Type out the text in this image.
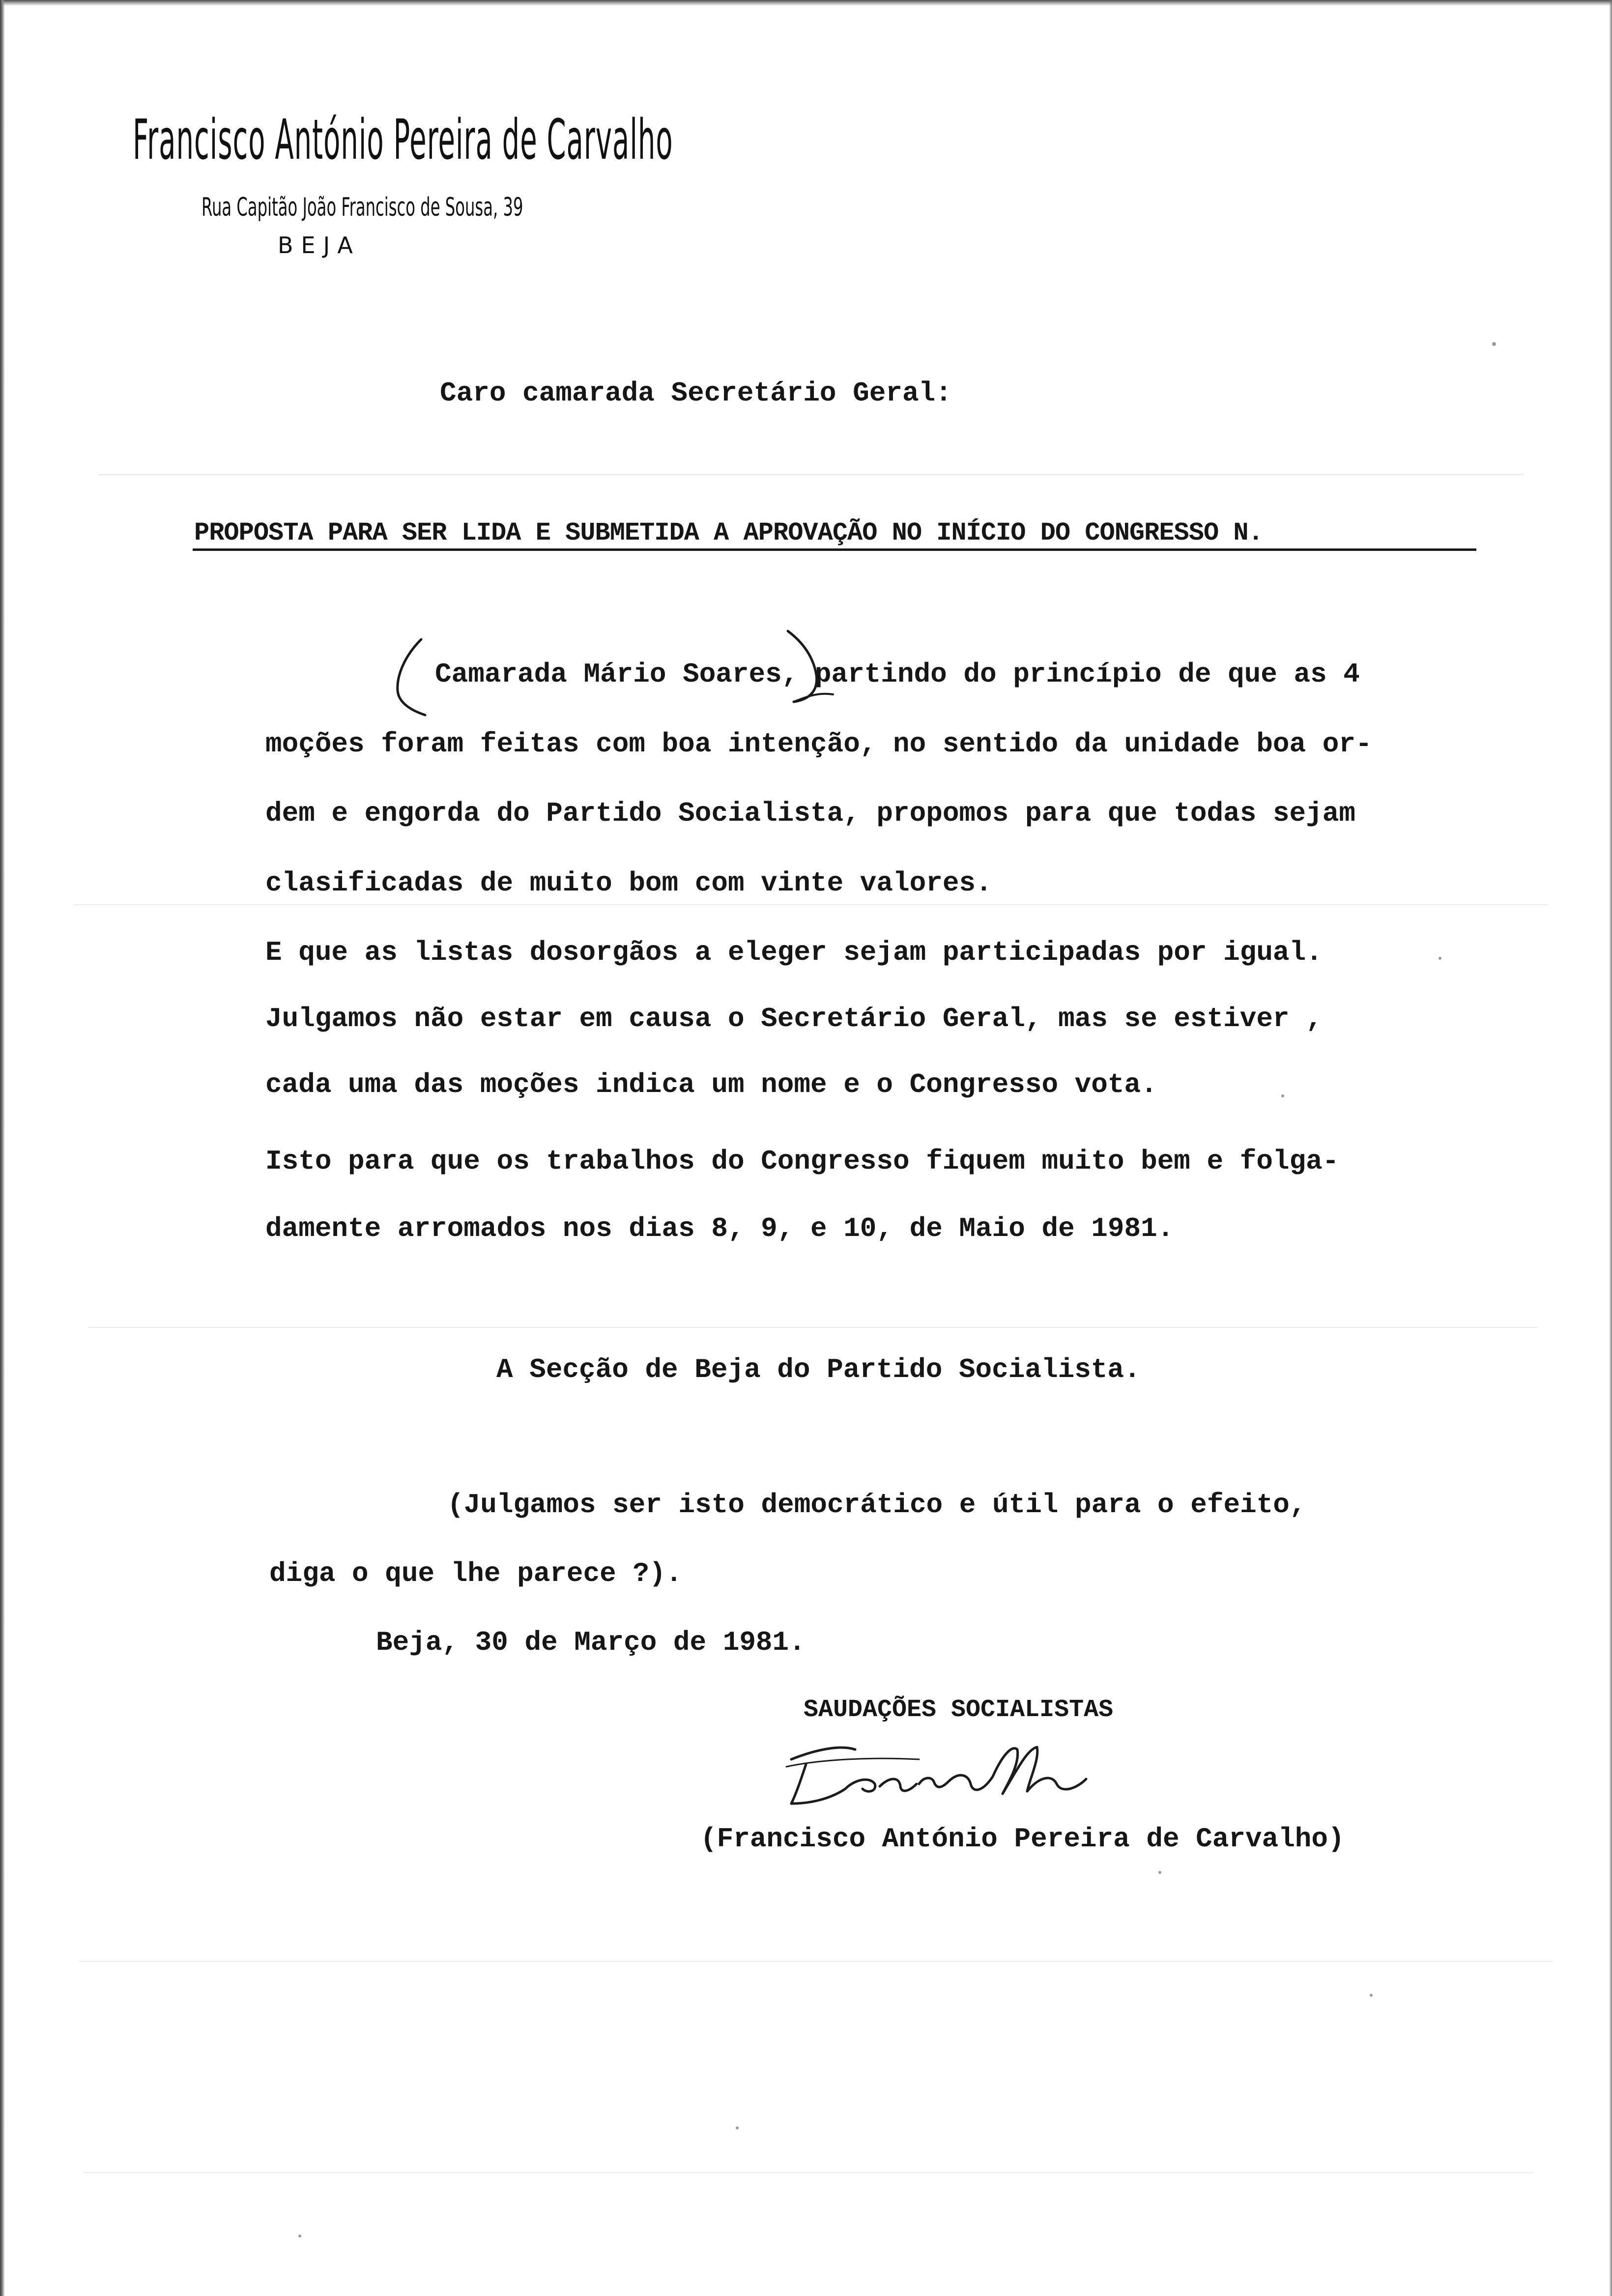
Francisco António Pereira de Carvalho
Rua Capitão João Francisco de Sousa, 39
BEJA
Caro camarada Secretário Geral:
PROPOSTA PARA SER LIDA E SUBMETIDA A APROVAÇÃO NO INÍCIO DO CONGRESSO N.
Camarada Mário Soares, partindo do princípio de que as 4
moções foram feitas com boa intenção, no sentido da unidade boa or-
dem e engorda do Partido Socialista, propomos para que todas sejam
clasificadas de muito bom com vinte valores.
E que as listas dosorgãos a eleger sejam participadas por igual.
Julgamos não estar em causa o Secretário Geral, mas se estiver ,
cada uma das moções indica um nome e o Congresso vota.
Isto para que os trabalhos do Congresso fiquem muito bem e folga-
damente arromados nos dias 8, 9, e 10, de Maio de 1981.
A Secção de Beja do Partido Socialista.
(Julgamos ser isto democrático e útil para o efeito,
diga o que lhe parece ?).
Beja, 30 de Março de 1981.
SAUDAÇÕES SOCIALISTAS
(Francisco António Pereira de Carvalho)
